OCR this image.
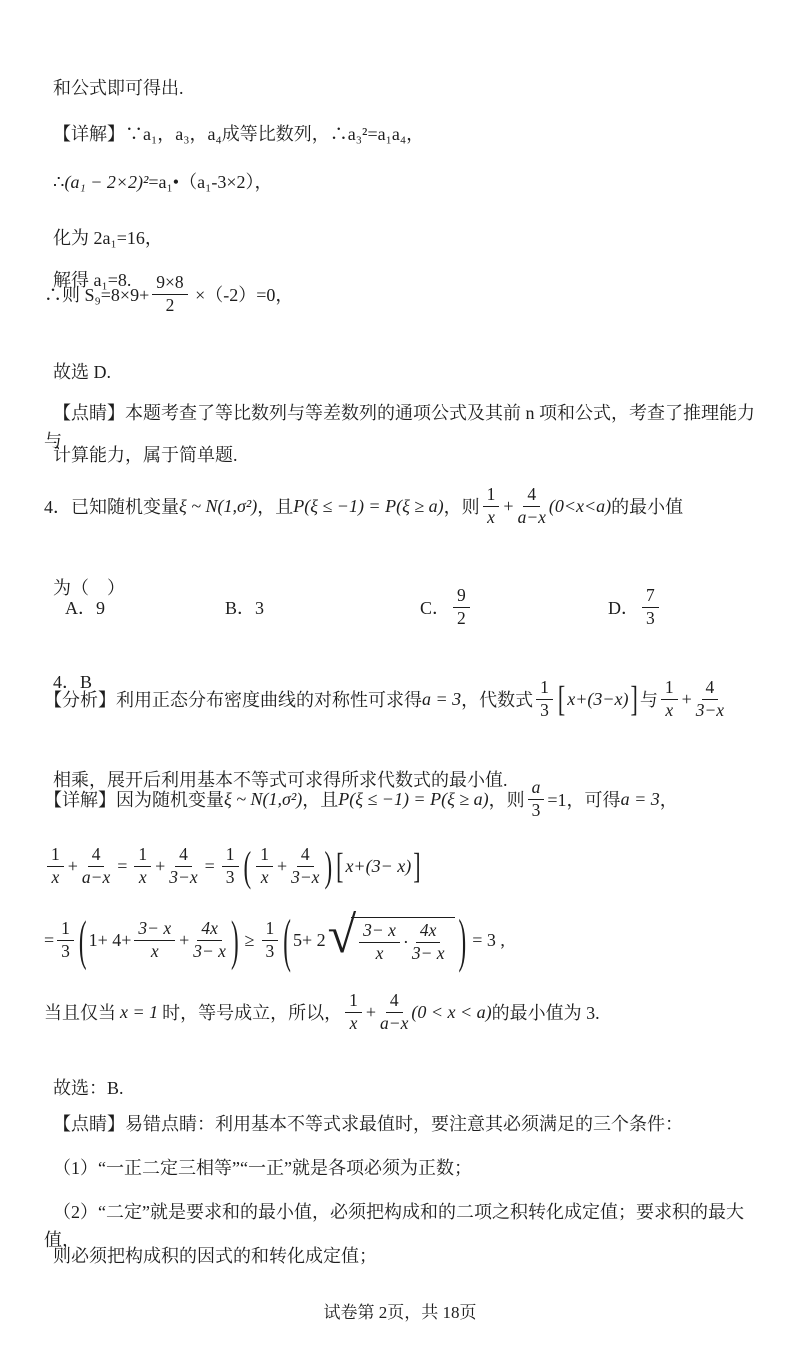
和公式即可得出.

【详解】∵a₁，a₃，a₄成等比数列，∴a₃²=a₁a₄，

∴(a₁ − 2×2)²=a₁•（a₁-3×2），

化为 2a₁=16，

解得 a₁=8.

∴则 $S_9=8\times 9+ \frac{9\times 8}{2} \times(-2)=0$，

故选 D.

【点睛】本题考查了等比数列与等差数列的通项公式及其前 n 项和公式，考查了推理能力与

计算能力，属于简单题.

4．已知随机变量 ξ ~ N(1,σ²) ，且 P(ξ ≤ −1) = P(ξ ≥ a) ，则 $\frac{1}{x} + \frac{4}{a-x} (0<x<a)$ 的最小值

为（　）

A．9	B．3	C． $\frac{9}{2}$	D． $\frac{7}{3}$

4．B

【分析】利用正态分布密度曲线的对称性可求得 a = 3 ，代数式 $\frac{1}{3}$ [ x+(3−x) ] 与 $\frac{1}{x} + \frac{4}{3-x}$

相乘，展开后利用基本不等式可求得所求代数式的最小值.

【详解】因为随机变量 ξ ~ N(1,σ²) ，且 P(ξ ≤ −1) = P(ξ ≥ a) ，则 $\frac{a}{3} =1$，可得 a = 3 ，
$\frac{1}{x} + \frac{4}{a-x} = \frac{1}{x} + \frac{4}{3-x} = \frac{1}{3}$ ( $\frac{1}{x} + \frac{4}{3-x}$ ) [ x+(3− x) ]
= $\frac{1}{3}$ ( $1+ 4+ \frac{3- x}{x} + \frac{4x}{3- x}$ ) ≥ $\frac{1}{3}$ ( 5+ 2 √ $\frac{3- x}{x} \cdot \frac{4x}{3- x}$ ) = 3 ,
当且仅当 x = 1 时，等号成立，所以， $\frac{1}{x} + \frac{4}{a-x} (0 < x < a)$ 的最小值为 3.

故选：B.

【点睛】易错点睛：利用基本不等式求最值时，要注意其必须满足的三个条件：

（1）“一正二定三相等”“一正”就是各项必须为正数；

（2）“二定”就是要求和的最小值，必须把构成和的二项之积转化成定值；要求积的最大值，

则必须把构成积的因式的和转化成定值；

试卷第 2页，共 18页
